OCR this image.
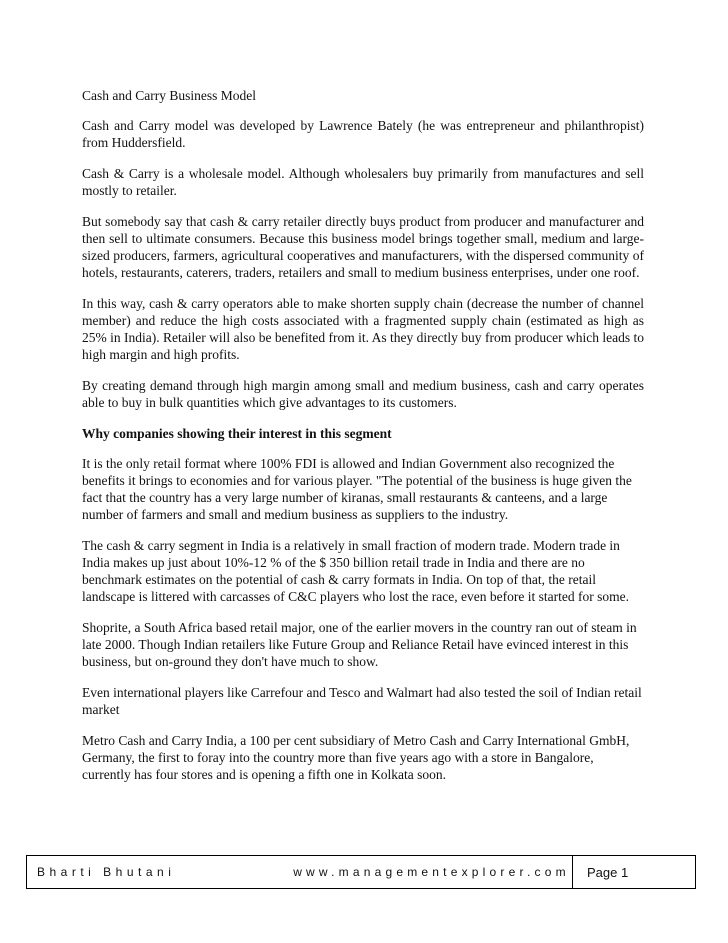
Cash and Carry Business Model

Cash and Carry model was developed by Lawrence Bately (he was entrepreneur and philanthropist) from Huddersfield.

Cash & Carry is a wholesale model. Although wholesalers buy primarily from manufactures and sell mostly to retailer.

But somebody say that cash & carry retailer directly buys product from producer and manufacturer and then sell to ultimate consumers. Because this business model brings together small, medium and large-sized producers, farmers, agricultural cooperatives and manufacturers, with the dispersed community of hotels, restaurants, caterers, traders, retailers and small to medium business enterprises, under one roof.

In this way, cash & carry operators able to make shorten supply chain (decrease the number of channel member) and reduce the high costs associated with a fragmented supply chain (estimated as high as 25% in India). Retailer will also be benefited from it. As they directly buy from producer which leads to high margin and high profits.

By creating demand through high margin among small and medium business, cash and carry operates able to buy in bulk quantities which give advantages to its customers.

Why companies showing their interest in this segment

It is the only retail format where 100% FDI is allowed and Indian Government also recognized the benefits it brings to economies and for various player. "The potential of the business is huge given the fact that the country has a very large number of kiranas, small restaurants & canteens, and a large number of farmers and small and medium business as suppliers to the industry.

The cash & carry segment in India is a relatively in small fraction of modern trade. Modern trade in India makes up just about 10%-12 % of the $ 350 billion retail trade in India and there are no benchmark estimates on the potential of cash & carry formats in India. On top of that, the retail landscape is littered with carcasses of C&C players who lost the race, even before it started for some.

Shoprite, a South Africa based retail major, one of the earlier movers in the country ran out of steam in late 2000. Though Indian retailers like Future Group and Reliance Retail have evinced interest in this business, but on-ground they don't have much to show.

Even international players like Carrefour and Tesco and Walmart had also tested the soil of Indian retail market

Metro Cash and Carry India, a 100 per cent subsidiary of Metro Cash and Carry International GmbH, Germany, the first to foray into the country more than five years ago with a store in Bangalore, currently has four stores and is opening a fifth one in Kolkata soon.

Bharti Bhutani	www.managementexplorer.com	Page 1
